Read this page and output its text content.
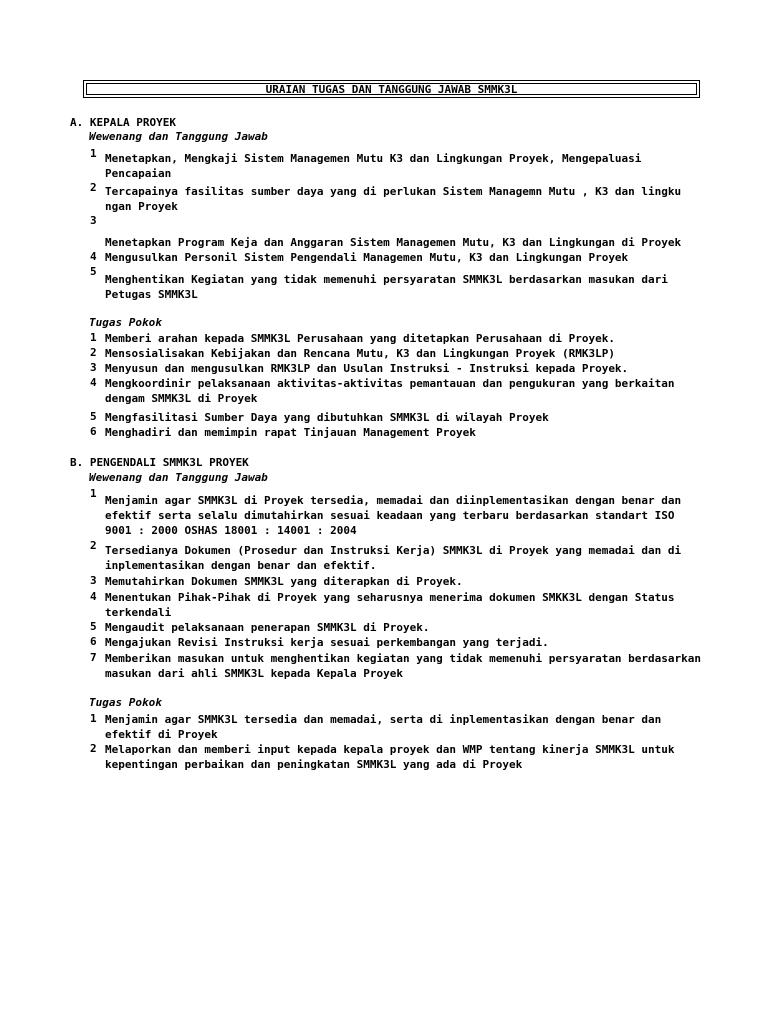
URAIAN TUGAS DAN TANGGUNG JAWAB SMMK3L
A. KEPALA PROYEK
Wewenang dan Tanggung Jawab
1 Menetapkan, Mengkaji Sistem Managemen Mutu K3 dan Lingkungan Proyek, Mengepaluasi Pencapaian
2 Tercapainya fasilitas sumber daya yang di perlukan Sistem Managemn Mutu , K3 dan lingku ngan Proyek
3
Menetapkan Program Keja dan Anggaran Sistem Managemen Mutu, K3 dan Lingkungan di Proyek
4 Mengusulkan Personil Sistem Pengendali Managemen Mutu, K3 dan Lingkungan Proyek
5
Menghentikan Kegiatan yang tidak memenuhi persyaratan SMMK3L berdasarkan masukan dari Petugas SMMK3L
Tugas Pokok
1 Memberi arahan kepada SMMK3L Perusahaan yang ditetapkan Perusahaan di Proyek.
2 Mensosialisakan Kebijakan dan Rencana Mutu, K3 dan Lingkungan Proyek (RMK3LP)
3 Menyusun dan mengusulkan RMK3LP dan Usulan Instruksi - Instruksi kepada Proyek.
4 Mengkoordinir pelaksanaan aktivitas-aktivitas pemantauan dan pengukuran yang berkaitan dengam SMMK3L di Proyek
5 Mengfasilitasi Sumber Daya yang dibutuhkan SMMK3L di wilayah Proyek
6 Menghadiri dan memimpin rapat Tinjauan Management Proyek
B. PENGENDALI SMMK3L PROYEK
Wewenang dan Tanggung Jawab
1
Menjamin agar SMMK3L di Proyek tersedia, memadai dan diinplementasikan dengan benar dan efektif serta selalu dimutahirkan sesuai keadaan yang terbaru berdasarkan standart ISO 9001 : 2000 OSHAS 18001 : 14001 : 2004
2 Tersedianya Dokumen (Prosedur dan Instruksi Kerja) SMMK3L di Proyek yang memadai dan di inplementasikan dengan benar dan efektif.
3 Memutahirkan Dokumen SMMK3L yang diterapkan di Proyek.
4 Menentukan Pihak-Pihak di Proyek yang seharusnya menerima dokumen SMKK3L dengan Status terkendali
5 Mengaudit pelaksanaan penerapan SMMK3L di Proyek.
6 Mengajukan Revisi Instruksi kerja sesuai perkembangan yang terjadi.
7 Memberikan masukan untuk menghentikan kegiatan yang tidak memenuhi persyaratan berdasarkan masukan dari ahli SMMK3L kepada Kepala Proyek
Tugas Pokok
1 Menjamin agar SMMK3L tersedia dan memadai, serta di inplementasikan dengan benar dan efektif di Proyek
2 Melaporkan dan memberi input kepada kepala proyek dan WMP tentang kinerja SMMK3L untuk kepentingan perbaikan dan peningkatan SMMK3L yang ada di Proyek
